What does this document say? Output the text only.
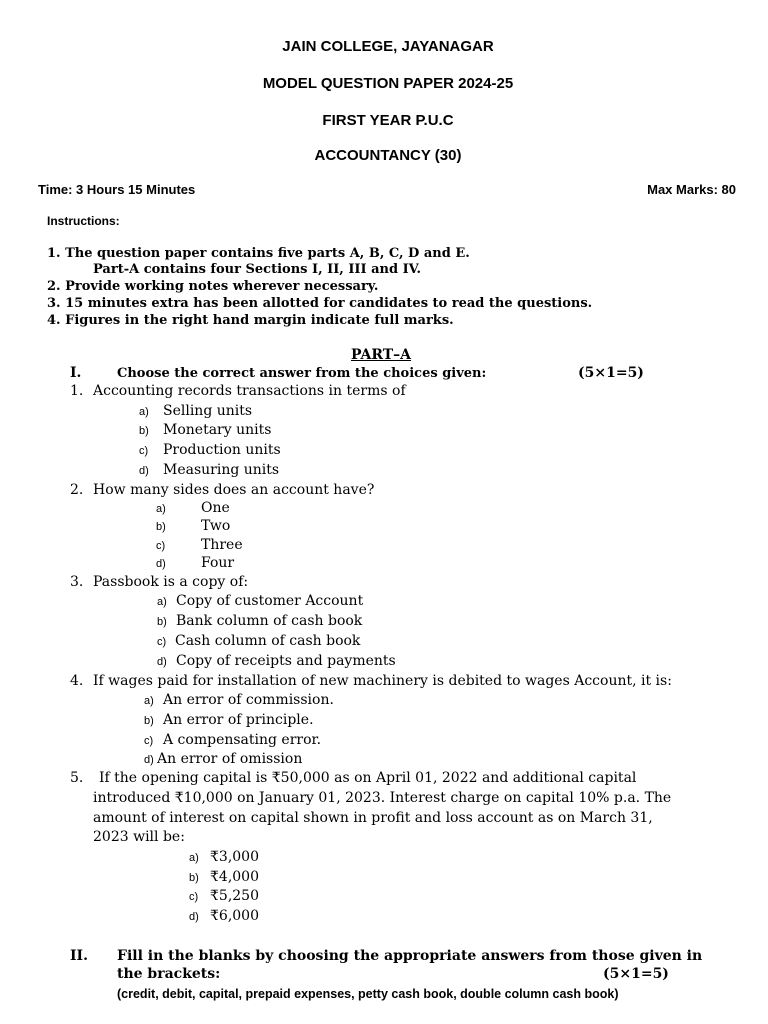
JAIN COLLEGE, JAYANAGAR
MODEL QUESTION PAPER 2024-25
FIRST YEAR P.U.C
ACCOUNTANCY (30)
Time: 3 Hours 15 Minutes	Max Marks: 80
Instructions:
1. The question paper contains five parts A, B, C, D and E.
Part-A contains four Sections I, II, III and IV.
2. Provide working notes wherever necessary.
3. 15 minutes extra has been allotted for candidates to read the questions.
4. Figures in the right hand margin indicate full marks.
PART–A
I.	Choose the correct answer from the choices given:	(5×1=5)
1. Accounting records transactions in terms of
a) Selling units
b) Monetary units
c) Production units
d) Measuring units
2. How many sides does an account have?
a)	One
b)	Two
c)	Three
d)	Four
3. Passbook is a copy of:
a) Copy of customer Account
b) Bank column of cash book
c) Cash column of cash book
d) Copy of receipts and payments
4. If wages paid for installation of new machinery is debited to wages Account, it is:
a) An error of commission.
b) An error of principle.
c) A compensating error.
d) An error of omission
5. If the opening capital is ₹50,000 as on April 01, 2022 and additional capital
introduced ₹10,000 on January 01, 2023. Interest charge on capital 10% p.a. The
amount of interest on capital shown in profit and loss account as on March 31,
2023 will be:
a) ₹3,000
b) ₹4,000
c) ₹5,250
d) ₹6,000
II. Fill in the blanks by choosing the appropriate answers from those given in
the brackets:	(5×1=5)
(credit, debit, capital, prepaid expenses, petty cash book, double column cash book)
